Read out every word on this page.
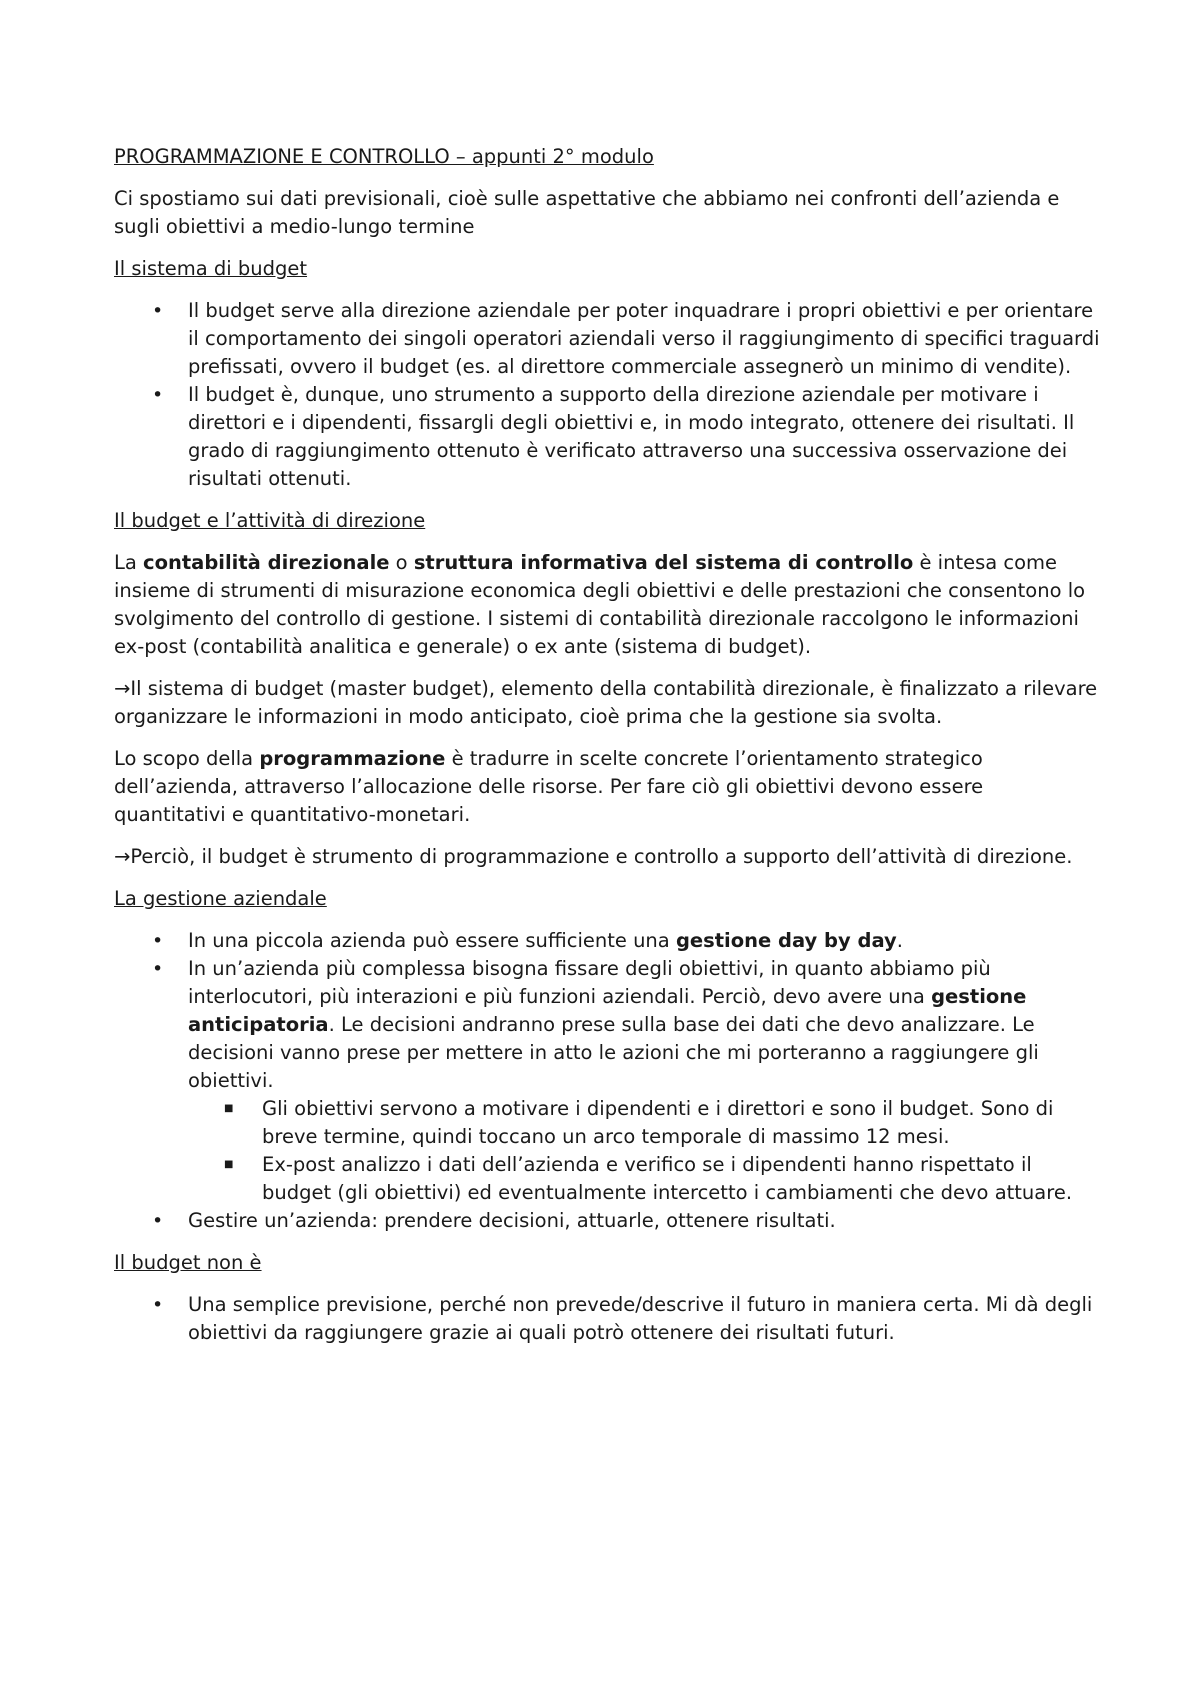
PROGRAMMAZIONE E CONTROLLO – appunti 2° modulo

Ci spostiamo sui dati previsionali, cioè sulle aspettative che abbiamo nei confronti dell’azienda e sugli obiettivi a medio-lungo termine

Il sistema di budget
• Il budget serve alla direzione aziendale per poter inquadrare i propri obiettivi e per orientare il comportamento dei singoli operatori aziendali verso il raggiungimento di specifici traguardi prefissati, ovvero il budget (es. al direttore commerciale assegnerò un minimo di vendite).
• Il budget è, dunque, uno strumento a supporto della direzione aziendale per motivare i direttori e i dipendenti, fissargli degli obiettivi e, in modo integrato, ottenere dei risultati. Il grado di raggiungimento ottenuto è verificato attraverso una successiva osservazione dei risultati ottenuti.
Il budget e l’attività di direzione

La contabilità direzionale o struttura informativa del sistema di controllo è intesa come insieme di strumenti di misurazione economica degli obiettivi e delle prestazioni che consentono lo svolgimento del controllo di gestione. I sistemi di contabilità direzionale raccolgono le informazioni ex-post (contabilità analitica e generale) o ex ante (sistema di budget).

→Il sistema di budget (master budget), elemento della contabilità direzionale, è finalizzato a rilevare organizzare le informazioni in modo anticipato, cioè prima che la gestione sia svolta.

Lo scopo della programmazione è tradurre in scelte concrete l’orientamento strategico dell’azienda, attraverso l’allocazione delle risorse. Per fare ciò gli obiettivi devono essere quantitativi e quantitativo-monetari.

→Perciò, il budget è strumento di programmazione e controllo a supporto dell’attività di direzione.

La gestione aziendale
• In una piccola azienda può essere sufficiente una gestione day by day.
• In un’azienda più complessa bisogna fissare degli obiettivi, in quanto abbiamo più interlocutori, più interazioni e più funzioni aziendali. Perciò, devo avere una gestione anticipatoria. Le decisioni andranno prese sulla base dei dati che devo analizzare. Le decisioni vanno prese per mettere in atto le azioni che mi porteranno a raggiungere gli obiettivi.
■ Gli obiettivi servono a motivare i dipendenti e i direttori e sono il budget. Sono di breve termine, quindi toccano un arco temporale di massimo 12 mesi.
■ Ex-post analizzo i dati dell’azienda e verifico se i dipendenti hanno rispettato il budget (gli obiettivi) ed eventualmente intercetto i cambiamenti che devo attuare.
• Gestire un’azienda: prendere decisioni, attuarle, ottenere risultati.
Il budget non è
• Una semplice previsione, perché non prevede/descrive il futuro in maniera certa. Mi dà degli obiettivi da raggiungere grazie ai quali potrò ottenere dei risultati futuri.
